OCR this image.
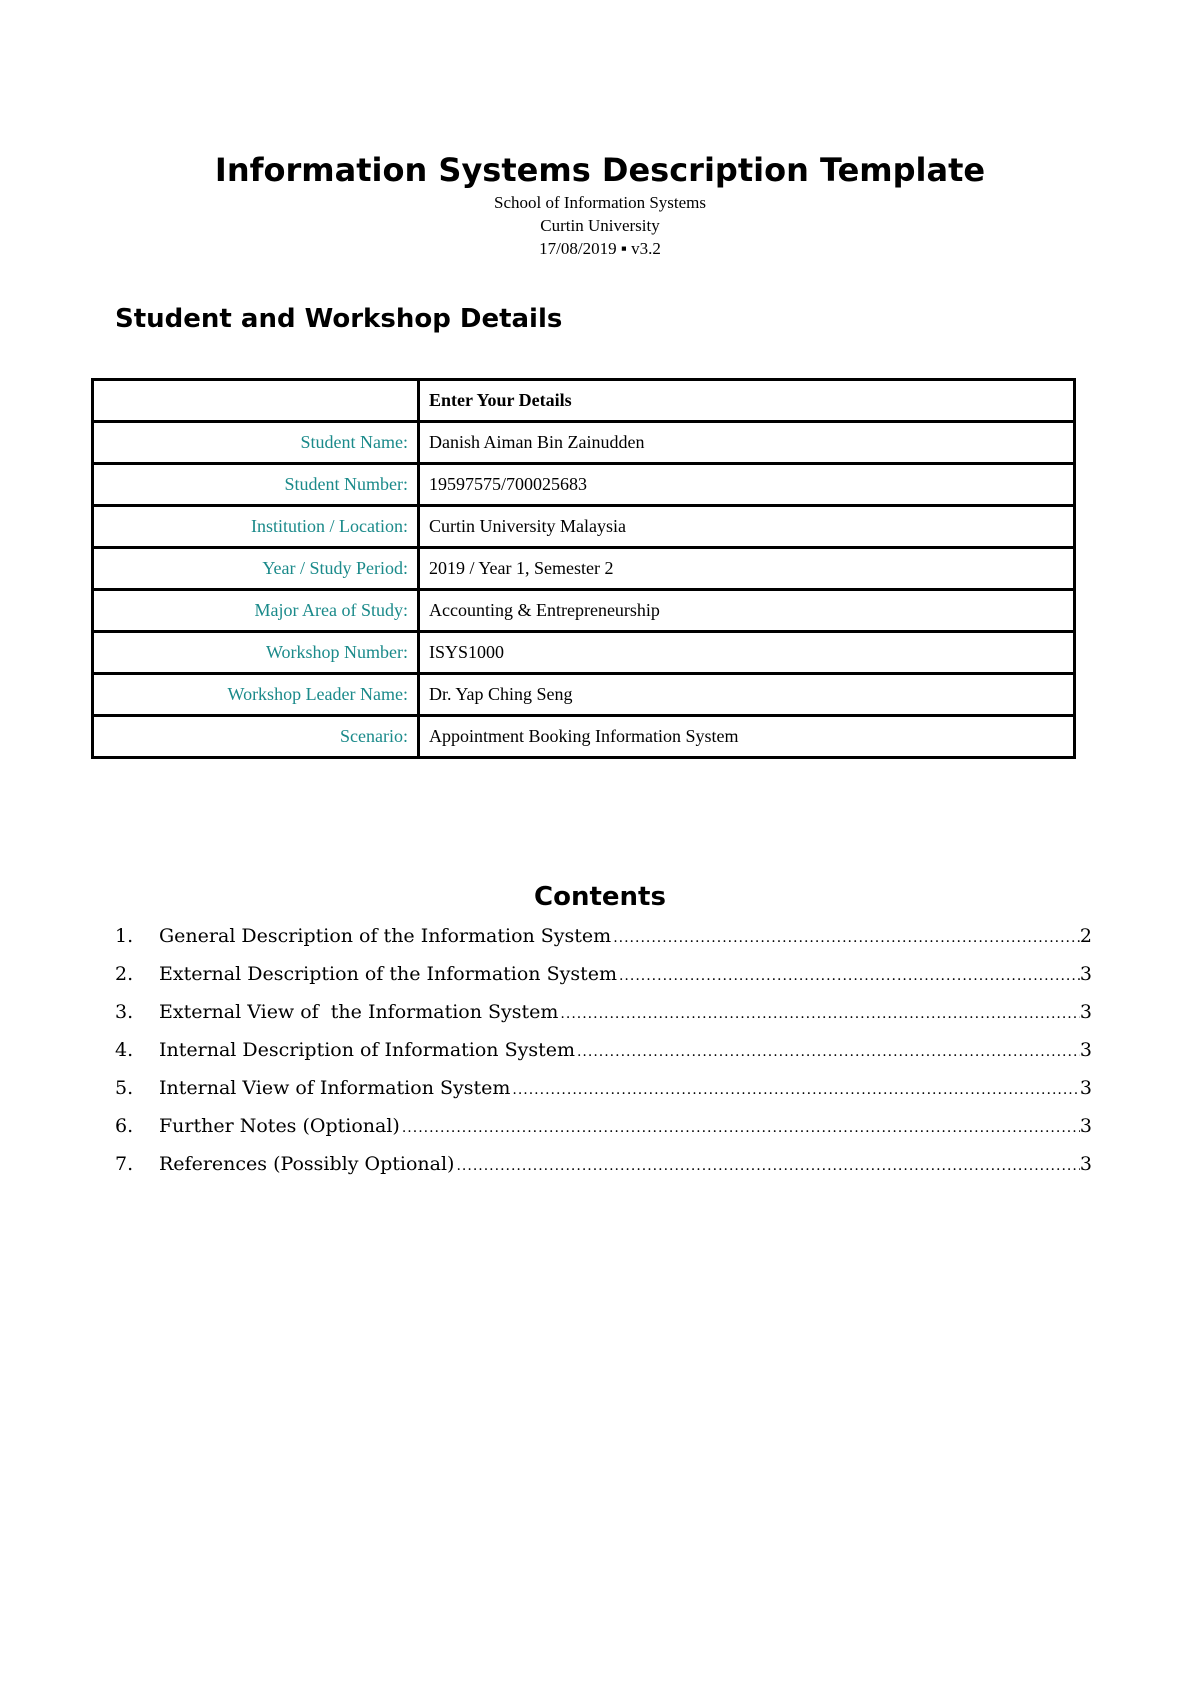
Information Systems Description Template
School of Information Systems
Curtin University
17/08/2019 ▪ v3.2
Student and Workshop Details
	Enter Your Details
Student Name:	Danish Aiman Bin Zainudden
Student Number:	19597575/700025683
Institution / Location:	Curtin University Malaysia
Year / Study Period:	2019 / Year 1, Semester 2
Major Area of Study:	Accounting & Entrepreneurship
Workshop Number:	ISYS1000
Workshop Leader Name:	Dr. Yap Ching Seng
Scenario:	Appointment Booking Information System
Contents
1.	General Description of the Information System .....	2
2.	External Description of the Information System .....	3
3.	External View of  the Information System .....	3
4.	Internal Description of Information System .....	3
5.	Internal View of Information System .....	3
6.	Further Notes (Optional) .....	3
7.	References (Possibly Optional) .....	3
